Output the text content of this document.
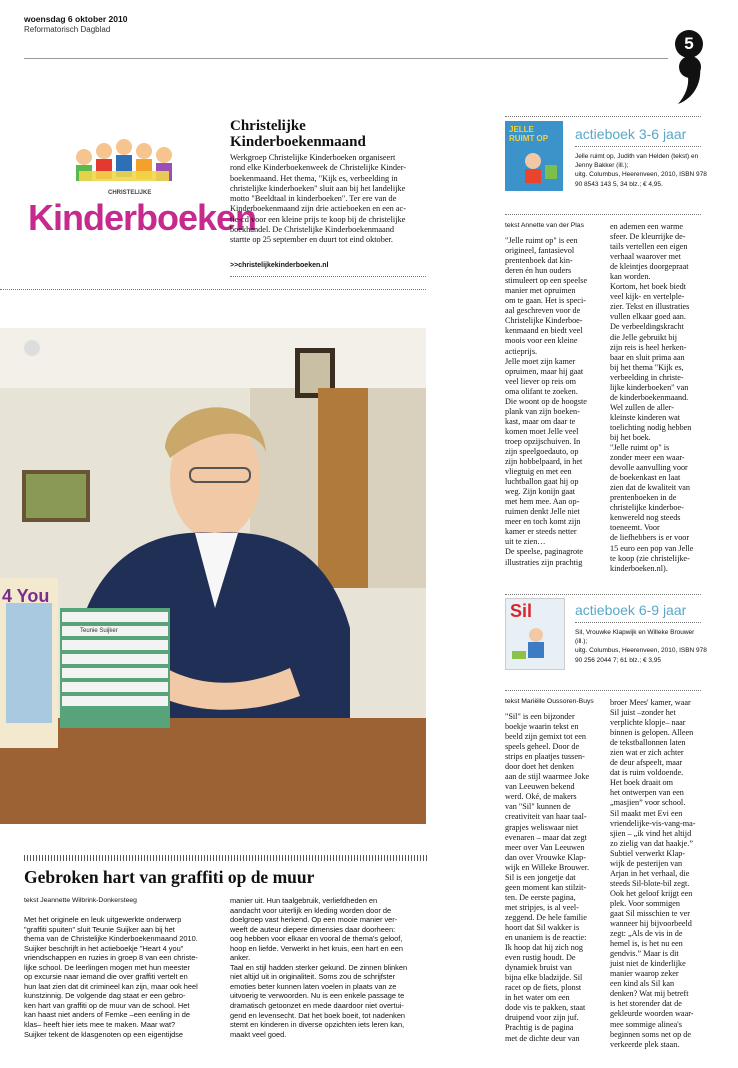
woensdag 6 oktober 2010
Reformatorisch Dagblad
5
CHRISTELIJKE
Kinderboeken
Christelijke
Kinderboekenmaand
Werkgroep Christelijke Kinderboeken organiseert
rond elke Kinderboekenweek de Christelijke Kinder-
boekenmaand. Het thema, "Kijk es, verbeelding in
christelijke kinderboeken" sluit aan bij het landelijke
motto "Beeldtaal in kinderboeken". Ter ere van de
Kinderboekenmaand zijn drie actieboeken en een ac-
tie-cd voor een kleine prijs te koop bij de christelijke
boekhandel. De Christelijke Kinderboekenmaand
startte op 25 september en duurt tot eind oktober.
>>christelijkekinderboeken.nl
4 You
Teunie Suijker
JELLE RUIMT OP	actieboek 3-6 jaar
Jelle ruimt op, Judith van Helden (tekst) en
Jenny Bakker (ill.);
uitg. Columbus, Heerenveen, 2010, ISBN 978
90 8543 143 5, 34 blz.; € 4,95.
tekst Annette van der Plas
"Jelle ruimt op" is een
origineel, fantasievol
prentenboek dat kin-
deren én hun ouders
stimuleert op een speelse
manier met opruimen
om te gaan. Het is speci-
aal geschreven voor de
Christelijke Kinderboe-
kenmaand en biedt veel
moois voor een kleine
actieprijs.
Jelle moet zijn kamer
opruimen, maar hij gaat
veel liever op reis om
oma olifant te zoeken.
Die woont op de hoogste
plank van zijn boeken-
kast, maar om daar te
komen moet Jelle veel
troep opzijschuiven. In
zijn speelgoedauto, op
zijn hobbelpaard, in het
vliegtuig en met een
luchtballon gaat hij op
weg. Zijn konijn gaat
met hem mee. Aan op-
ruimen denkt Jelle niet
meer en toch komt zijn
kamer er steeds netter
uit te zien…
De speelse, paginagrote
illustraties zijn prachtig
en ademen een warme
sfeer. De kleurrijke de-
tails vertellen een eigen
verhaal waarover met
de kleintjes doorgepraat
kan worden.
Kortom, het boek biedt
veel kijk- en vertelple-
zier. Tekst en illustraties
vullen elkaar goed aan.
De verbeeldingskracht
die Jelle gebruikt bij
zijn reis is heel herken-
baar en sluit prima aan
bij het thema "Kijk es,
verbeelding in christe-
lijke kinderboeken" van
de kinderboekenmaand.
Wel zullen de aller-
kleinste kinderen wat
toelichting nodig hebben
bij het boek.
"Jelle ruimt op" is
zonder meer een waar-
devolle aanvulling voor
de boekenkast en laat
zien dat de kwaliteit van
prentenboeken in de
christelijke kinderboe-
kenwereld nog steeds
toeneemt. Voor
de liefhebbers is er voor
15 euro een pop van Jelle
te koop (zie christelijke-
kinderboeken.nl).
Sil	actieboek 6-9 jaar
Sil, Vrouwke Klapwijk en Willeke Brouwer
(ill.);
uitg. Columbus, Heerenveen, 2010, ISBN 978
90 256 2044 7; 61 blz.; € 3,95
tekst Mariëlle Oussoren-Buys
"Sil" is een bijzonder
boekje waarin tekst en
beeld zijn gemixt tot een
speels geheel. Door de
strips en plaatjes tussen-
door doet het denken
aan de stijl waarmee Joke
van Leeuwen bekend
werd. Oké, de makers
van "Sil" kunnen de
creativiteit van haar taal-
grapjes weliswaar niet
evenaren – maar dat zegt
meer over Van Leeuwen
dan over Vrouwke Klap-
wijk en Willeke Brouwer.
Sil is een jongetje dat
geen moment kan stilzit-
ten. De eerste pagina,
met stripjes, is al veel-
zeggend. De hele familie
hoort dat Sil wakker is
en unaniem is de reactie:
Ik hoop dat hij zich nog
even rustig houdt. De
dynamiek bruist van
bijna elke bladzijde. Sil
racet op de fiets, plonst
in het water om een
dode vis te pakken, staat
druipend voor zijn juf.
Prachtig is de pagina
met de dichte deur van
broer Mees' kamer, waar
Sil juist –zonder het
verplichte klopje– naar
binnen is gelopen. Alleen
de tekstballonnen laten
zien wat er zich achter
de deur afspeelt, maar
dat is ruim voldoende.
Het boek draait om
het ontwerpen van een
„masjien” voor school.
Sil maakt met Evi een
vriendelijke-vis-vang-ma-
sjien – „ik vind het altijd
zo zielig van dat haakje.”
Subtiel verwerkt Klap-
wijk de pesterijen van
Arjan in het verhaal, die
steeds Sil-blote-bil zegt.
Ook het geloof krijgt een
plek. Voor sommigen
gaat Sil misschien te ver
wanneer hij bijvoorbeeld
zegt: „Als de vis in de
hemel is, is het nu een
gendvis.” Maar is dit
juist niet de kinderlijke
manier waarop zeker
een kind als Sil kan
denken? Wat mij betreft
is het storender dat de
gekleurde woorden waar-
mee sommige alinea's
beginnen soms net op de
verkeerde plek staan.
Gebroken hart van graffiti op de muur
tekst Jeannette Wilbrink-Donkersteeg
Met het originele en leuk uitgewerkte onderwerp
"graffiti spuiten" sluit Teunie Suijker aan bij het
thema van de Christelijke Kinderboekenmaand 2010.
Suijker beschrijft in het actieboekje "Heart 4 you"
vriendschappen en ruzies in groep 8 van een christe-
lijke school. De leerlingen mogen met hun meester
op excursie naar iemand die over graffiti vertelt en
hun laat zien dat dit crimineel kan zijn, maar ook heel
kunstzinnig. De volgende dag staat er een gebro-
ken hart van graffiti op de muur van de school. Het
kan haast niet anders of Femke –een eenling in de
klas– heeft hier iets mee te maken. Maar wat?
Suijker tekent de klasgenoten op een eigentijdse
manier uit. Hun taalgebruik, verliefdheden en
aandacht voor uiterlijk en kleding worden door de
doelgroep vast herkend. Op een mooie manier ver-
weeft de auteur diepere dimensies daar doorheen:
oog hebben voor elkaar en vooral de thema's geloof,
hoop en liefde. Verwerkt in het kruis, een hart en een
anker.
Taal en stijl hadden sterker gekund. De zinnen blinken
niet altijd uit in originaliteit. Soms zou de schrijfster
emoties beter kunnen laten voelen in plaats van ze
uitvoerig te verwoorden. Nu is een enkele passage te
dramatisch getoonzet en mede daardoor niet overtui-
gend en levensecht. Dat het boek boeit, tot nadenken
stemt en kinderen in diverse opzichten iets leren kan,
maakt veel goed.
